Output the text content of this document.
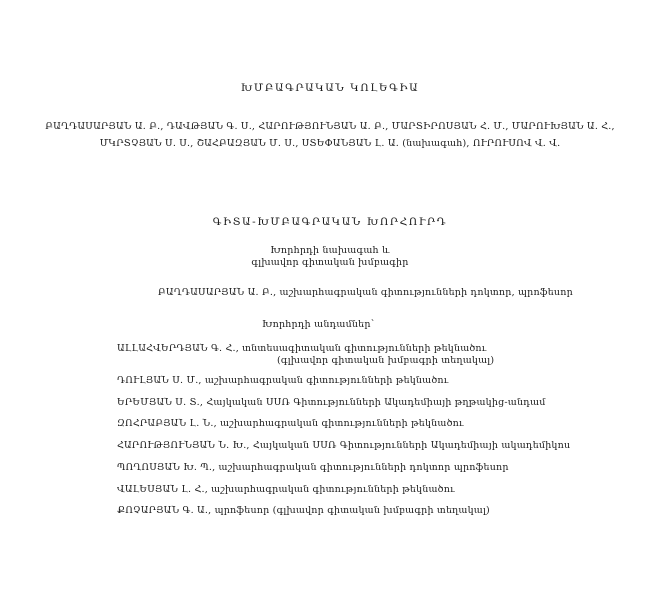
ԽՄԲԱԳՐԱԿԱՆ ԿՈԼԵԳԻԱ
ԲԱՂԴԱՍԱՐՅԱՆ Ա. Բ., ԴԱՎԹՅԱՆ Գ. Ս., ՀԱՐՈՒԹՅՈՒՆՅԱՆ Ա. Բ., ՄԱՐՏԻՐՈՍՅԱՆ Հ. Մ., ՄԱՐՈՒԽՅԱՆ Ա. Հ.,
ՄԿՐՏՉՅԱՆ Ս. Ս., ՇԱՀԲԱԶՅԱՆ Մ. Ս., ՍՏԵՓԱՆՅԱՆ Լ. Ա. (նախագահ), ՈՒՐՈՒՍՈՎ Վ. Վ.
ԳԻՏԱ-ԽՄԲԱԳՐԱԿԱՆ ԽՈՐՀՈՒՐԴ
Խորհրդի նախագահ և
գլխավոր գիտական խմբագիր
ԲԱՂԴԱՍԱՐՅԱՆ Ա. Բ., աշխարհագրական գիտությունների դոկտոր, պրոֆեսոր
Խորհրդի անդամներ՝
ԱԼԼԱՀՎԵՐԴՅԱՆ Գ. Հ., տնտեսագիտական գիտությունների թեկնածու
(գլխավոր գիտական խմբագրի տեղակալ)
ԴՈՒԼՅԱՆ Ս. Մ., աշխարհագրական գիտությունների թեկնածու
ԵՐԵՄՅԱՆ Ս. Տ., Հայկական ՍՍՌ Գիտությունների Ակադեմիայի թղթակից-անդամ
ԶՈՀՐԱԲՅԱՆ Լ. Ն., աշխարհագրական գիտությունների թեկնածու
ՀԱՐՈՒԹՅՈՒՆՅԱՆ Ն. Խ., Հայկական ՍՍՌ Գիտությունների Ակադեմիայի ակադեմիկոս
ՊՈՂՈՍՅԱՆ Խ. Պ., աշխարհագրական գիտությունների դոկտոր պրոֆեսոր
ՎԱԼԵՍՅԱՆ Լ. Հ., աշխարհագրական գիտությունների թեկնածու
ՔՈՉԱՐՅԱՆ Գ. Ա., պրոֆեսոր (գլխավոր գիտական խմբագրի տեղակալ)
